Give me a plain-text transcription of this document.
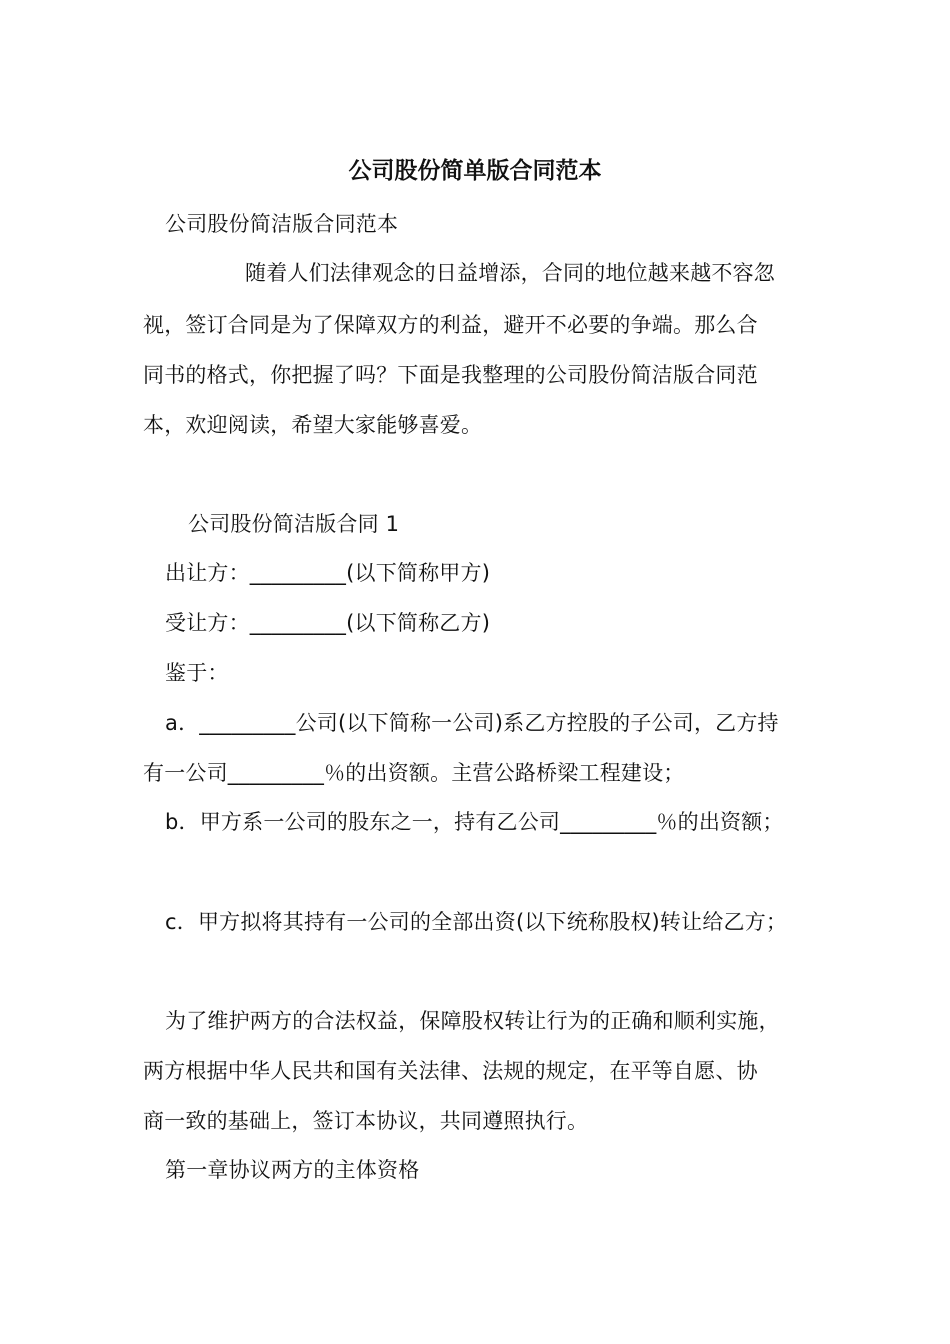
公司股份简单版合同范本

公司股份简洁版合同范本

随着人们法律观念的日益增添，合同的地位越来越不容忽

视，签订合同是为了保障双方的利益，避开不必要的争端。那么合

同书的格式，你把握了吗？下面是我整理的公司股份简洁版合同范

本，欢迎阅读，希望大家能够喜爱。

公司股份简洁版合同 1

出让方：_________(以下简称甲方)

受让方：_________(以下简称乙方)

鉴于：

a．_________公司(以下简称一公司)系乙方控股的子公司，乙方持

有一公司_________％的出资额。主营公路桥梁工程建设；

b．甲方系一公司的股东之一，持有乙公司_________％的出资额；

c．甲方拟将其持有一公司的全部出资(以下统称股权)转让给乙方；

为了维护两方的合法权益，保障股权转让行为的正确和顺利实施，

两方根据中华人民共和国有关法律、法规的规定，在平等自愿、协

商一致的基础上，签订本协议，共同遵照执行。

第一章协议两方的主体资格
